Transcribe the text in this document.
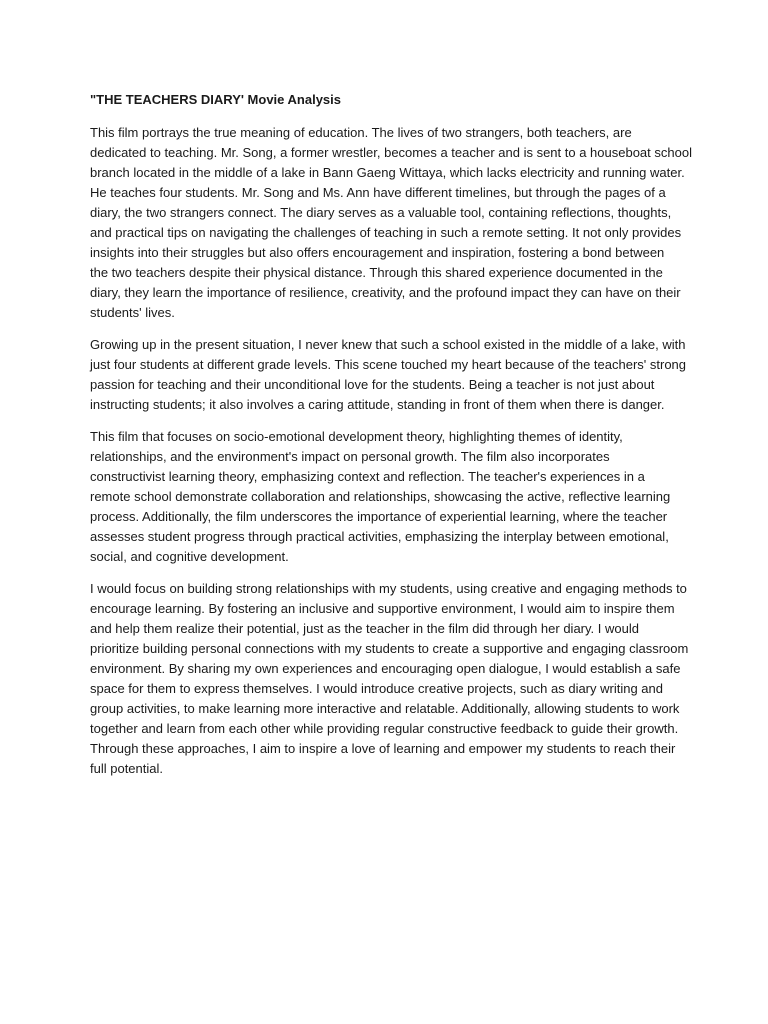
"THE TEACHERS DIARY' Movie Analysis
This film portrays the true meaning of education. The lives of two strangers, both teachers, are
dedicated to teaching. Mr. Song, a former wrestler, becomes a teacher and is sent to a houseboat school
branch located in the middle of a lake in Bann Gaeng Wittaya, which lacks electricity and running water.
He teaches four students. Mr. Song and Ms. Ann have different timelines, but through the pages of a
diary, the two strangers connect. The diary serves as a valuable tool, containing reflections, thoughts,
and practical tips on navigating the challenges of teaching in such a remote setting. It not only provides
insights into their struggles but also offers encouragement and inspiration, fostering a bond between
the two teachers despite their physical distance. Through this shared experience documented in the
diary, they learn the importance of resilience, creativity, and the profound impact they can have on their
students' lives.
Growing up in the present situation, I never knew that such a school existed in the middle of a lake, with
just four students at different grade levels. This scene touched my heart because of the teachers' strong
passion for teaching and their unconditional love for the students. Being a teacher is not just about
instructing students; it also involves a caring attitude, standing in front of them when there is danger.
This film that focuses on socio-emotional development theory, highlighting themes of identity,
relationships, and the environment's impact on personal growth. The film also incorporates
constructivist learning theory, emphasizing context and reflection. The teacher's experiences in a
remote school demonstrate collaboration and relationships, showcasing the active, reflective learning
process. Additionally, the film underscores the importance of experiential learning, where the teacher
assesses student progress through practical activities, emphasizing the interplay between emotional,
social, and cognitive development.
I would focus on building strong relationships with my students, using creative and engaging methods to
encourage learning. By fostering an inclusive and supportive environment, I would aim to inspire them
and help them realize their potential, just as the teacher in the film did through her diary. I would
prioritize building personal connections with my students to create a supportive and engaging classroom
environment. By sharing my own experiences and encouraging open dialogue, I would establish a safe
space for them to express themselves. I would introduce creative projects, such as diary writing and
group activities, to make learning more interactive and relatable. Additionally, allowing students to work
together and learn from each other while providing regular constructive feedback to guide their growth.
Through these approaches, I aim to inspire a love of learning and empower my students to reach their
full potential.
